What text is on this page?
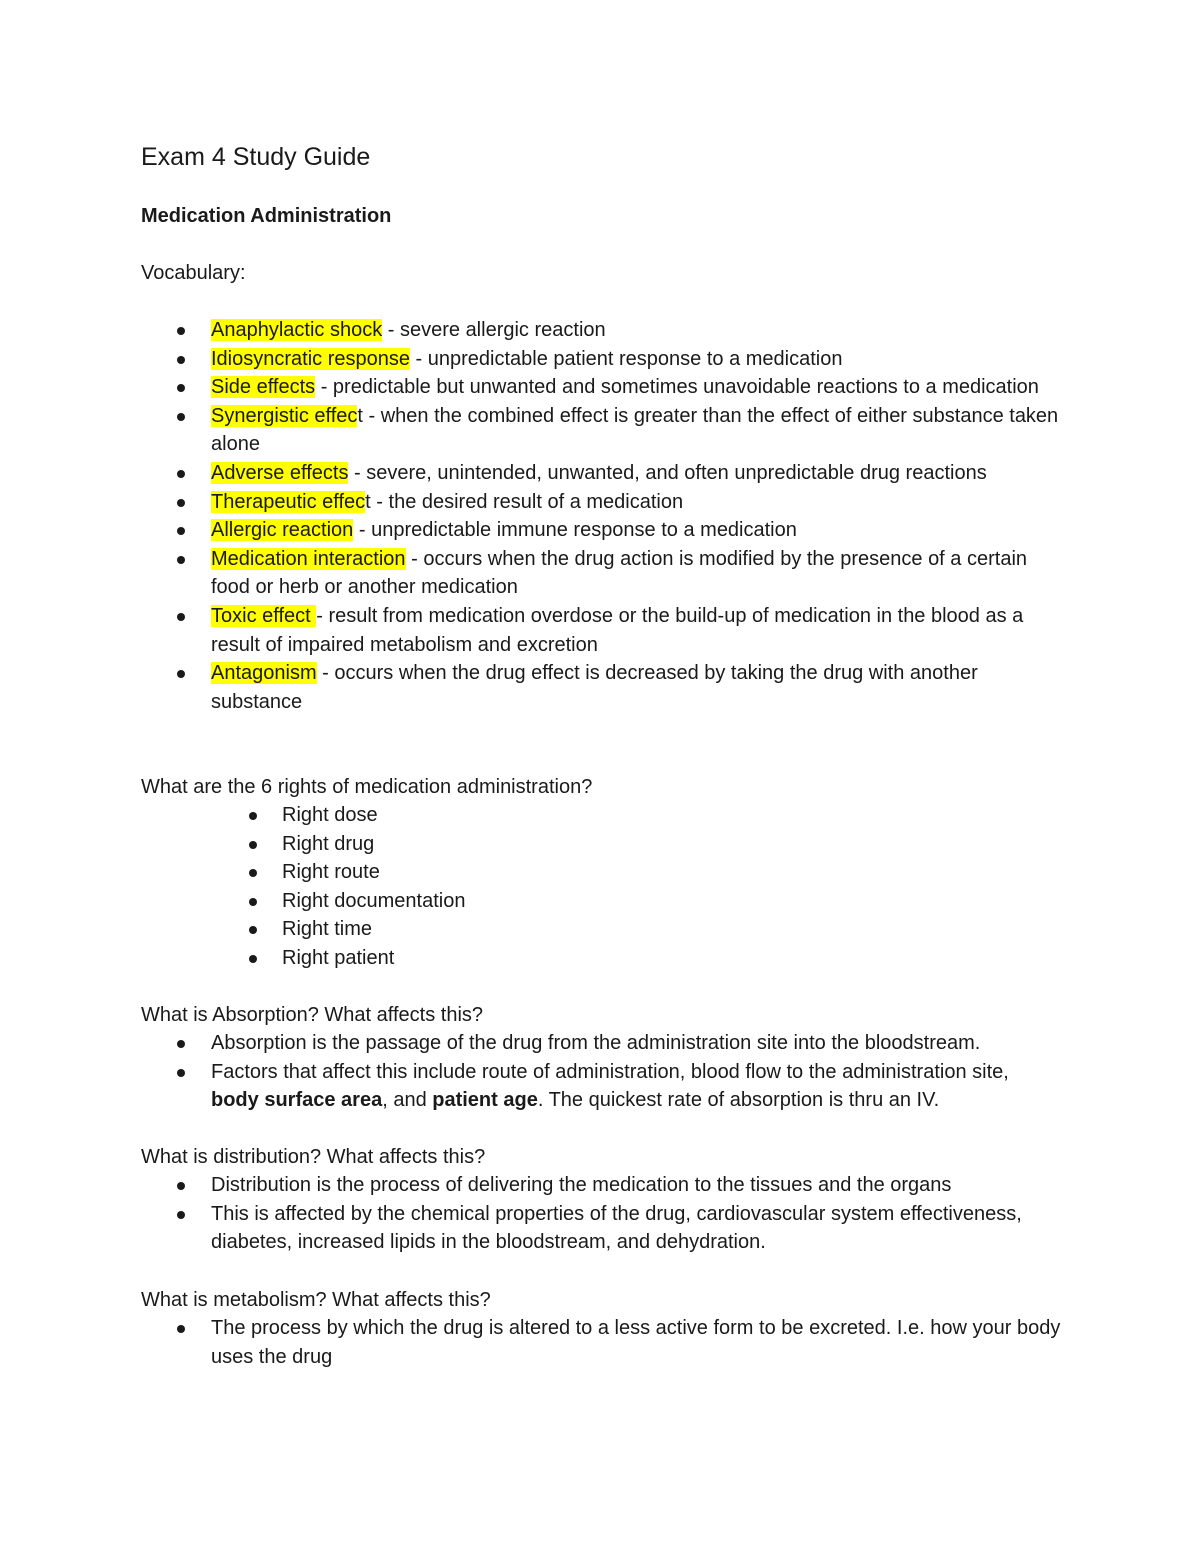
Exam 4 Study Guide
Medication Administration

Vocabulary:

Anaphylactic shock - severe allergic reaction
Idiosyncratic response - unpredictable patient response to a medication
Side effects - predictable but unwanted and sometimes unavoidable reactions to a medication
Synergistic effect - when the combined effect is greater than the effect of either substance taken alone
Adverse effects - severe, unintended, unwanted, and often unpredictable drug reactions
Therapeutic effect - the desired result of a medication
Allergic reaction - unpredictable immune response to a medication
Medication interaction - occurs when the drug action is modified by the presence of a certain food or herb or another medication
Toxic effect - result from medication overdose or the build-up of medication in the blood as a result of impaired metabolism and excretion
Antagonism - occurs when the drug effect is decreased by taking the drug with another substance

What are the 6 rights of medication administration?

Right dose
Right drug
Right route
Right documentation
Right time
Right patient

What is Absorption? What affects this?

Absorption is the passage of the drug from the administration site into the bloodstream.
Factors that affect this include route of administration, blood flow to the administration site, body surface area, and patient age. The quickest rate of absorption is thru an IV.

What is distribution? What affects this?

Distribution is the process of delivering the medication to the tissues and the organs
This is affected by the chemical properties of the drug, cardiovascular system effectiveness, diabetes, increased lipids in the bloodstream, and dehydration.

What is metabolism? What affects this?

The process by which the drug is altered to a less active form to be excreted. I.e. how your body uses the drug
